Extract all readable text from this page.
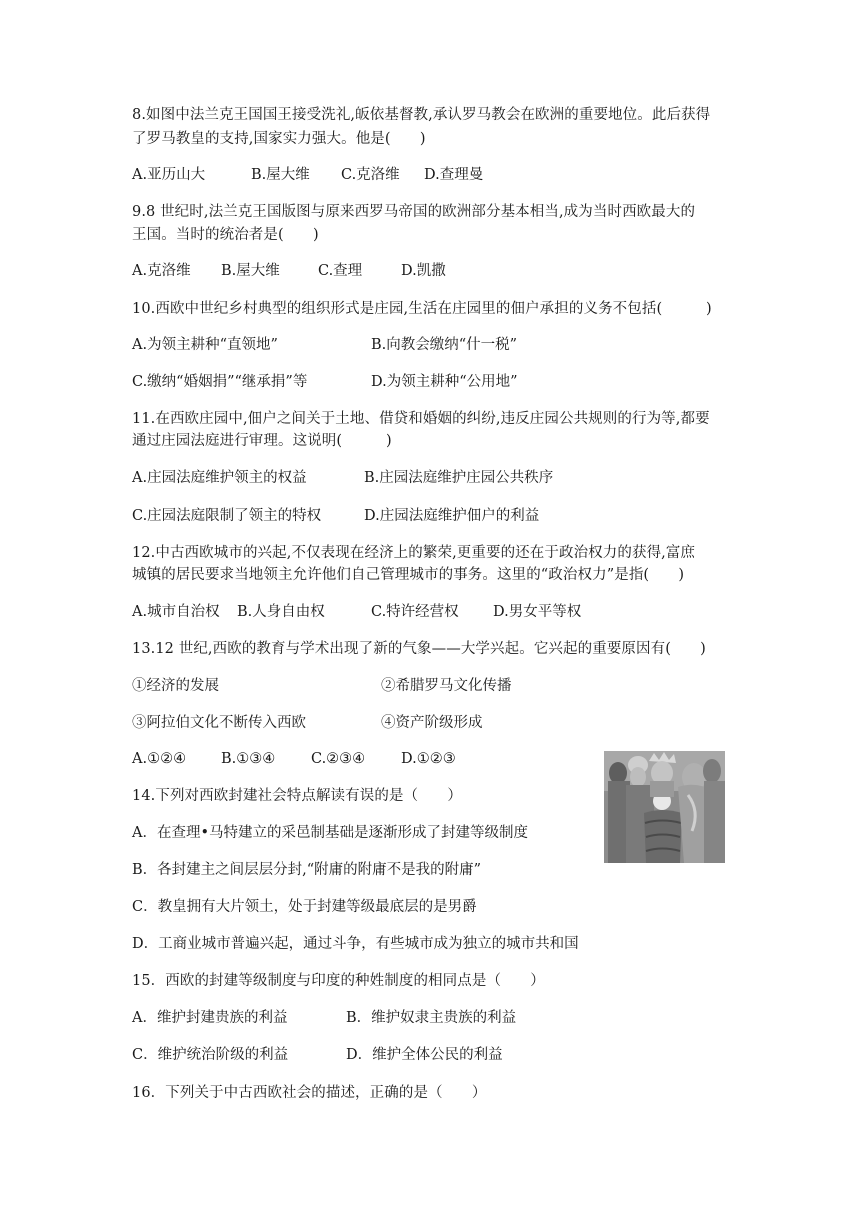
8.如图中法兰克王国国王接受洗礼,皈依基督教,承认罗马教会在欧洲的重要地位。此后获得
了罗马教皇的支持,国家实力强大。他是(　　)
A.亚历山大	B.屋大维 C.克洛维 D.查理曼
9.8 世纪时,法兰克王国版图与原来西罗马帝国的欧洲部分基本相当,成为当时西欧最大的
王国。当时的统治者是(　　)
A.克洛维 B.屋大维	C.查理	D.凯撒
10.西欧中世纪乡村典型的组织形式是庄园,生活在庄园里的佃户承担的义务不包括(　　　)
A.为领主耕种“直领地”	B.向教会缴纳“什一税”
C.缴纳“婚姻捐”“继承捐”等	D.为领主耕种“公用地”
11.在西欧庄园中,佃户之间关于土地、借贷和婚姻的纠纷,违反庄园公共规则的行为等,都要
通过庄园法庭进行审理。这说明(　　　)
A.庄园法庭维护领主的权益	B.庄园法庭维护庄园公共秩序
C.庄园法庭限制了领主的特权	D.庄园法庭维护佃户的利益
12.中古西欧城市的兴起,不仅表现在经济上的繁荣,更重要的还在于政治权力的获得,富庶
城镇的居民要求当地领主允许他们自己管理城市的事务。这里的“政治权力”是指(　　)
A.城市自治权 B.人身自由权	C.特许经营权 D.男女平等权
13.12 世纪,西欧的教育与学术出现了新的气象——大学兴起。它兴起的重要原因有(　　)
①经济的发展	②希腊罗马文化传播
③阿拉伯文化不断传入西欧	④资产阶级形成
A.①②④ B.①③④ C.②③④ D.①②③
14.下列对西欧封建社会特点解读有误的是（　　）
A．在查理•马特建立的采邑制基础是逐渐形成了封建等级制度
B．各封建主之间层层分封,“附庸的附庸不是我的附庸”
C．教皇拥有大片领土，处于封建等级最底层的是男爵
D．工商业城市普遍兴起，通过斗争，有些城市成为独立的城市共和国
15．西欧的封建等级制度与印度的种姓制度的相同点是（　　）
A．维护封建贵族的利益	B．维护奴隶主贵族的利益
C．维护统治阶级的利益	D．维护全体公民的利益
16．下列关于中古西欧社会的描述，正确的是（　　）
